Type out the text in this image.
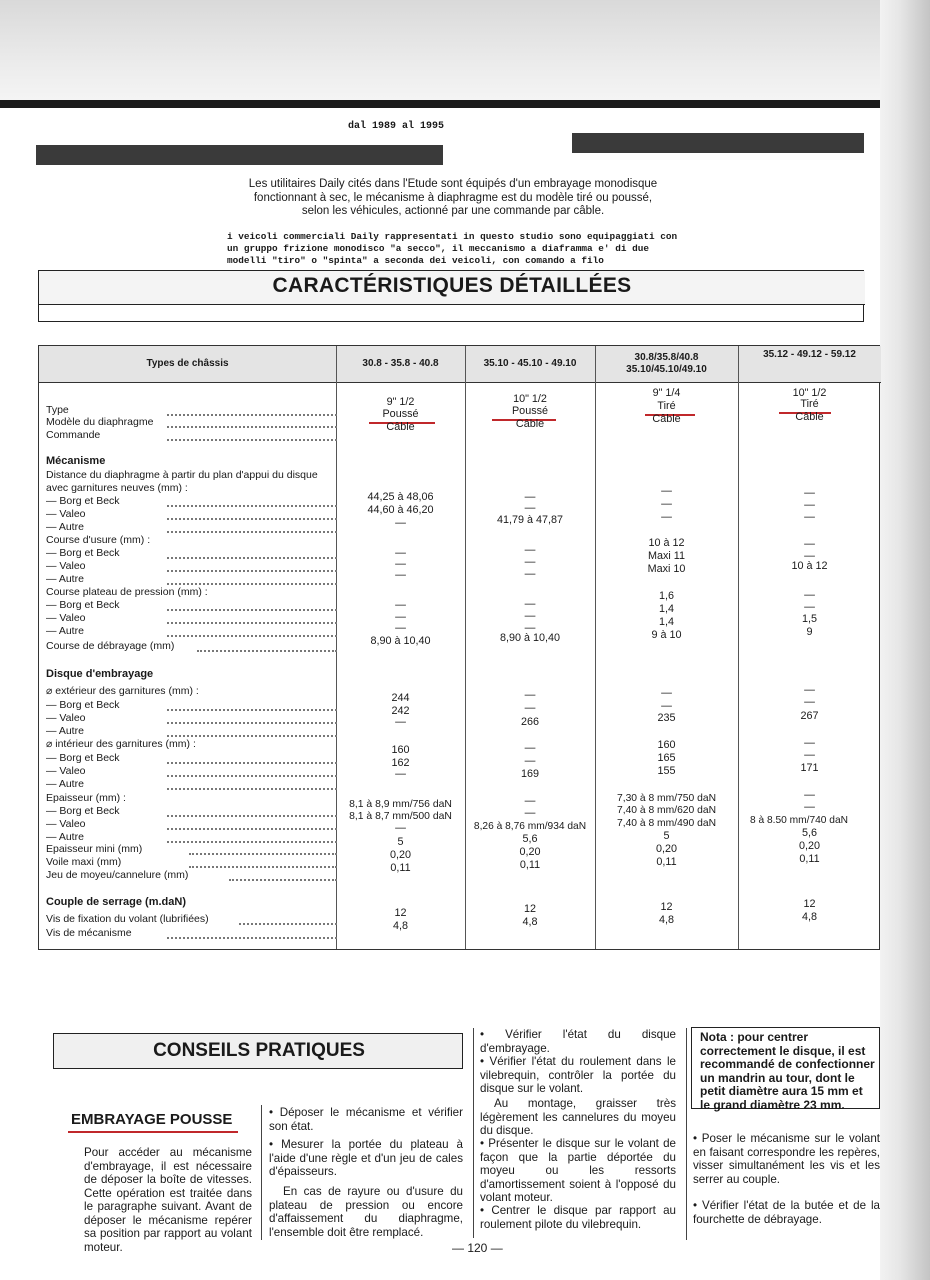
dal 1989 al 1995
Les utilitaires Daily cités dans l'Etude sont équipés d'un embrayage monodisque fonctionnant à sec, le mécanisme à diaphragme est du modèle tiré ou poussé, selon les véhicules, actionné par une commande par câble.
i veicoli commerciali Daily rappresentati in questo studio sono equipaggiati con
un gruppo frizione monodisco "a secco", il meccanismo a diaframma e' di due
modelli "tiro" o "spinta" a seconda dei veicoli, con comando a filo
CARACTÉRISTIQUES DÉTAILLÉES
Types de châssis	30.8 - 35.8 - 40.8	35.10 - 45.10 - 49.10
30.8/35.8/40.8
35.10/45.10/49.10
35.12 - 49.12 - 59.12
Type
Modèle du diaphragme
Commande
Mécanisme
Distance du diaphragme à partir du plan d'appui du disque
avec garnitures neuves (mm) :
— Borg et Beck
— Valeo
— Autre
Course d'usure (mm) :
— Borg et Beck
— Valeo
— Autre
Course plateau de pression (mm) :
— Borg et Beck
— Valeo
— Autre
Course de débrayage (mm)
Disque d'embrayage
⌀ extérieur des garnitures (mm) :
— Borg et Beck
— Valeo
— Autre
⌀ intérieur des garnitures (mm) :
— Borg et Beck
— Valeo
— Autre
Epaisseur (mm) :
— Borg et Beck
— Valeo
— Autre
Epaisseur mini (mm)
Voile maxi (mm)
Jeu de moyeu/cannelure (mm)
Couple de serrage (m.daN)
Vis de fixation du volant (lubrifiées)
Vis de mécanisme
9" 1/2
Poussé
Câble
44,25 à 48,06
44,60 à 46,20
—
—
—
—
—
—
—
8,90 à 10,40
244
242
—
160
162
—
8,1 à 8,9 mm/756 daN
8,1 à 8,7 mm/500 daN
—
5
0,20
0,11
12
4,8
10" 1/2
Poussé
Câble
—
—
41,79 à 47,87
—
—
—
—
—
—
8,90 à 10,40
—
—
266
—
—
169
—
—
8,26 à 8,76 mm/934 daN
5,6
0,20
0,11
12
4,8
9" 1/4
Tiré
Câble
—
—
—
10 à 12
Maxi 11
Maxi 10
1,6
1,4
1,4
9 à 10
—
—
235
160
165
155
7,30 à 8 mm/750 daN
7,40 à 8 mm/620 daN
7,40 à 8 mm/490 daN
5
0,20
0,11
12
4,8
10" 1/2
Tiré
Câble
—
—
—
—
—
10 à 12
—
—
1,5
9
—
—
267
—
—
171
—
—
8 à 8.50 mm/740 daN
5,6
0,20
0,11
12
4,8
CONSEILS PRATIQUES
EMBRAYAGE POUSSE
Pour accéder au mécanisme d'embrayage, il est nécessaire de déposer la boîte de vitesses. Cette opération est traitée dans le paragraphe suivant. Avant de déposer le mécanisme repérer sa position par rapport au volant moteur.
• Déposer le mécanisme et vérifier son état.
• Mesurer la portée du plateau à l'aide d'une règle et d'un jeu de cales d'épaisseurs.
En cas de rayure ou d'usure du plateau de pression ou encore d'affaissement du diaphragme, l'ensemble doit être remplacé.
• Vérifier l'état du disque d'embrayage.
• Vérifier l'état du roulement dans le vilebrequin, contrôler la portée du disque sur le volant.
Au montage, graisser très légèrement les cannelures du moyeu du disque.
• Présenter le disque sur le volant de façon que la partie déportée du moyeu ou les ressorts d'amortissement soient à l'opposé du volant moteur.
• Centrer le disque par rapport au roulement pilote du vilebrequin.
Nota : pour centrer correctement le disque, il est recommandé de confectionner un mandrin au tour, dont le petit diamètre aura 15 mm et le grand diamètre 23 mm.
• Poser le mécanisme sur le volant en faisant correspondre les repères, visser simultanément les vis et les serrer au couple.
• Vérifier l'état de la butée et de la fourchette de débrayage.
— 120 —
